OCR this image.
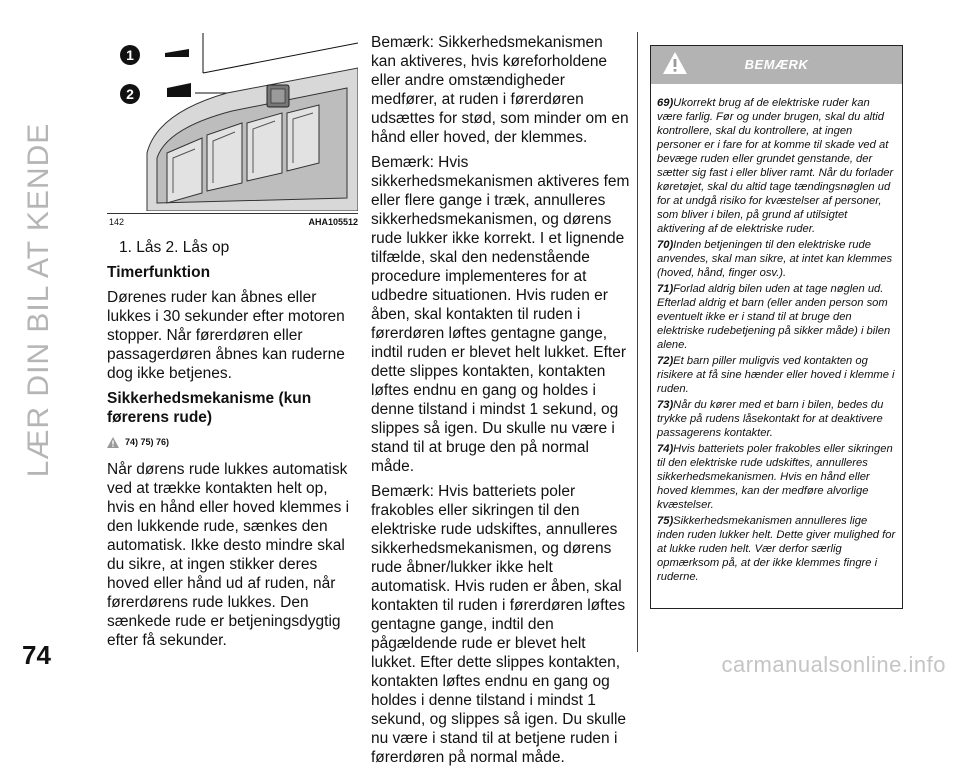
LÆR DIN BIL AT KENDE
1
2
142	AHA105512

1. Lås 2. Lås op

Timerfunktion

Dørenes ruder kan åbnes eller lukkes i 30 sekunder efter motoren stopper. Når førerdøren eller passagerdøren åbnes kan ruderne dog ikke betjenes.

Sikkerhedsmekanisme (kun førerens rude)

74) 75) 76)

Når dørens rude lukkes automatisk ved at trække kontakten helt op, hvis en hånd eller hoved klemmes i den lukkende rude, sænkes den automatisk. Ikke desto mindre skal du sikre, at ingen stikker deres hoved eller hånd ud af ruden, når førerdørens rude lukkes. Den sænkede rude er betjeningsdygtig efter få sekunder.

Bemærk: Sikkerhedsmekanismen kan aktiveres, hvis køreforholdene eller andre omstændigheder medfører, at ruden i førerdøren udsættes for stød, som minder om en hånd eller hoved, der klemmes.

Bemærk: Hvis sikkerhedsmekanismen aktiveres fem eller flere gange i træk, annulleres sikkerhedsmekanismen, og dørens rude lukker ikke korrekt. I et lignende tilfælde, skal den nedenstående procedure implementeres for at udbedre situationen. Hvis ruden er åben, skal kontakten til ruden i førerdøren løftes gentagne gange, indtil ruden er blevet helt lukket. Efter dette slippes kontakten, kontakten løftes endnu en gang og holdes i denne tilstand i mindst 1 sekund, og slippes så igen. Du skulle nu være i stand til at bruge den på normal måde.

Bemærk: Hvis batteriets poler frakobles eller sikringen til den elektriske rude udskiftes, annulleres sikkerhedsmekanismen, og dørens rude åbner/lukker ikke helt automatisk. Hvis ruden er åben, skal kontakten til ruden i førerdøren løftes gentagne gange, indtil den pågældende rude er blevet helt lukket. Efter dette slippes kontakten, kontakten løftes endnu en gang og holdes i denne tilstand i mindst 1 sekund, og slippes så igen. Du skulle nu være i stand til at betjene ruden i førerdøren på normal måde.

BEMÆRK
69)Ukorrekt brug af de elektriske ruder kan være farlig. Før og under brugen, skal du altid kontrollere, skal du kontrollere, at ingen personer er i fare for at komme til skade ved at bevæge ruden eller grundet genstande, der sætter sig fast i eller bliver ramt. Når du forlader køretøjet, skal du altid tage tændingsnøglen ud for at undgå risiko for kvæstelser af personer, som bliver i bilen, på grund af utilsigtet aktivering af de elektriske ruder.
70)Inden betjeningen til den elektriske rude anvendes, skal man sikre, at intet kan klemmes (hoved, hånd, finger osv.).
71)Forlad aldrig bilen uden at tage nøglen ud. Efterlad aldrig et barn (eller anden person som eventuelt ikke er i stand til at bruge den elektriske rudebetjening på sikker måde) i bilen alene.
72)Et barn piller muligvis ved kontakten og risikere at få sine hænder eller hoved i klemme i ruden.
73)Når du kører med et barn i bilen, bedes du trykke på rudens låsekontakt for at deaktivere passagerens kontakter.
74)Hvis batteriets poler frakobles eller sikringen til den elektriske rude udskiftes, annulleres sikkerhedsmekanismen. Hvis en hånd eller hoved klemmes, kan der medføre alvorlige kvæstelser.
75)Sikkerhedsmekanismen annulleres lige inden ruden lukker helt. Dette giver mulighed for at lukke ruden helt. Vær derfor særlig opmærksom på, at der ikke klemmes fingre i ruderne.
74	carmanualsonline.info
